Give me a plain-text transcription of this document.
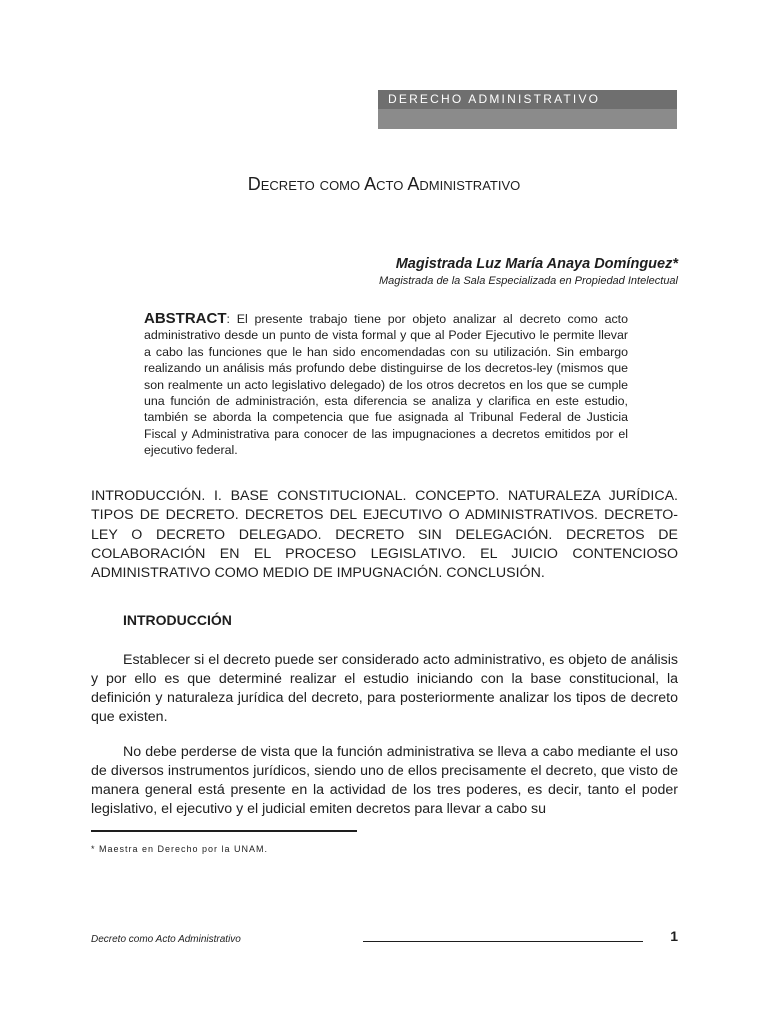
DERECHO ADMINISTRATIVO
Decreto como Acto Administrativo
Magistrada Luz María Anaya Domínguez*
Magistrada de la Sala Especializada en Propiedad Intelectual
ABSTRACT: El presente trabajo tiene por objeto analizar al decreto como acto administrativo desde un punto de vista formal y que al Poder Ejecutivo le permite llevar a cabo las funciones que le han sido encomendadas con su utilización. Sin embargo realizando un análisis más profundo debe distinguirse de los decretos-ley (mismos que son realmente un acto legislativo delegado) de los otros decretos en los que se cumple una función de administración, esta diferencia se analiza y clarifica en este estudio, también se aborda la competencia que fue asignada al Tribunal Federal de Justicia Fiscal y Administrativa para conocer de las impugnaciones a decretos emitidos por el ejecutivo federal.
INTRODUCCIÓN. I. BASE CONSTITUCIONAL. CONCEPTO. NATURALEZA JURÍDICA. TIPOS DE DECRETO. DECRETOS DEL EJECUTIVO O ADMINISTRATIVOS. DECRETO-LEY O DECRETO DELEGADO. DECRETO SIN DELEGACIÓN. DECRETOS DE COLABORACIÓN EN EL PROCESO LEGISLATIVO. EL JUICIO CONTENCIOSO ADMINISTRATIVO COMO MEDIO DE IMPUGNACIÓN. CONCLUSIÓN.
INTRODUCCIÓN
Establecer si el decreto puede ser considerado acto administrativo, es objeto de análisis y por ello es que determiné realizar el estudio iniciando con la base constitucional, la definición y naturaleza jurídica del decreto, para posteriormente analizar los tipos de decreto que existen.
No debe perderse de vista que la función administrativa se lleva a cabo mediante el uso de diversos instrumentos jurídicos, siendo uno de ellos precisamente el decreto, que visto de manera general está presente en la actividad de los tres poderes, es decir, tanto el poder legislativo, el ejecutivo y el judicial emiten decretos para llevar a cabo su
* Maestra en Derecho por la UNAM.
Decreto como Acto Administrativo	1
